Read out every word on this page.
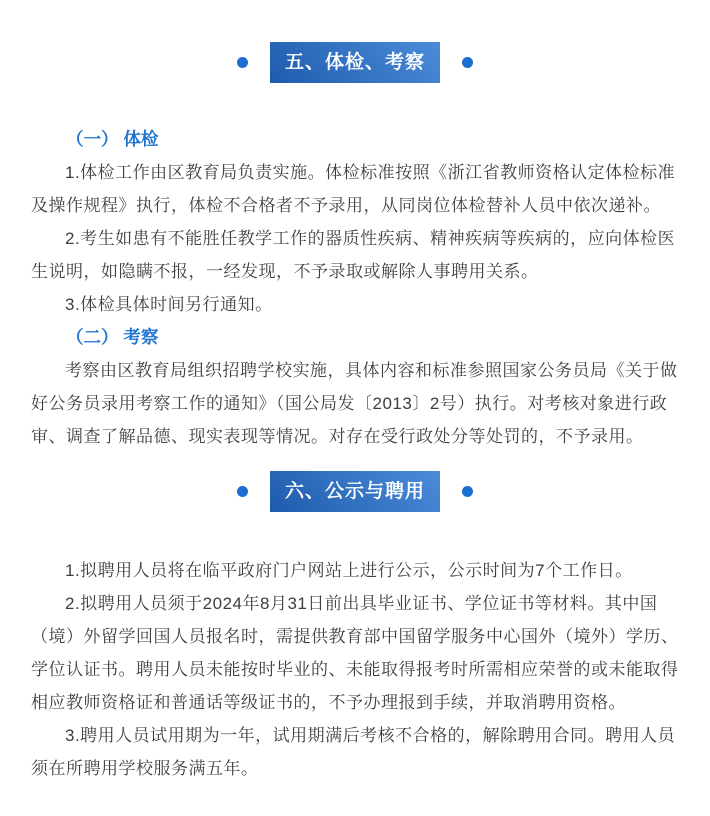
五、体检、考察
（一） 体检

1.体检工作由区教育局负责实施。体检标准按照《浙江省教师资格认定体检标准及操作规程》执行，体检不合格者不予录用，从同岗位体检替补人员中依次递补。

2.考生如患有不能胜任教学工作的器质性疾病、精神疾病等疾病的，应向体检医生说明，如隐瞒不报，一经发现，不予录取或解除人事聘用关系。

3.体检具体时间另行通知。

（二） 考察

考察由区教育局组织招聘学校实施，具体内容和标准参照国家公务员局《关于做好公务员录用考察工作的通知》（国公局发〔2013〕2号）执行。对考核对象进行政审、调查了解品德、现实表现等情况。对存在受行政处分等处罚的，不予录用。

六、公示与聘用

1.拟聘用人员将在临平政府门户网站上进行公示，公示时间为7个工作日。

2.拟聘用人员须于2024年8月31日前出具毕业证书、学位证书等材料。其中国（境）外留学回国人员报名时，需提供教育部中国留学服务中心国外（境外）学历、学位认证书。聘用人员未能按时毕业的、未能取得报考时所需相应荣誉的或未能取得相应教师资格证和普通话等级证书的，不予办理报到手续，并取消聘用资格。

3.聘用人员试用期为一年，试用期满后考核不合格的，解除聘用合同。聘用人员须在所聘用学校服务满五年。
